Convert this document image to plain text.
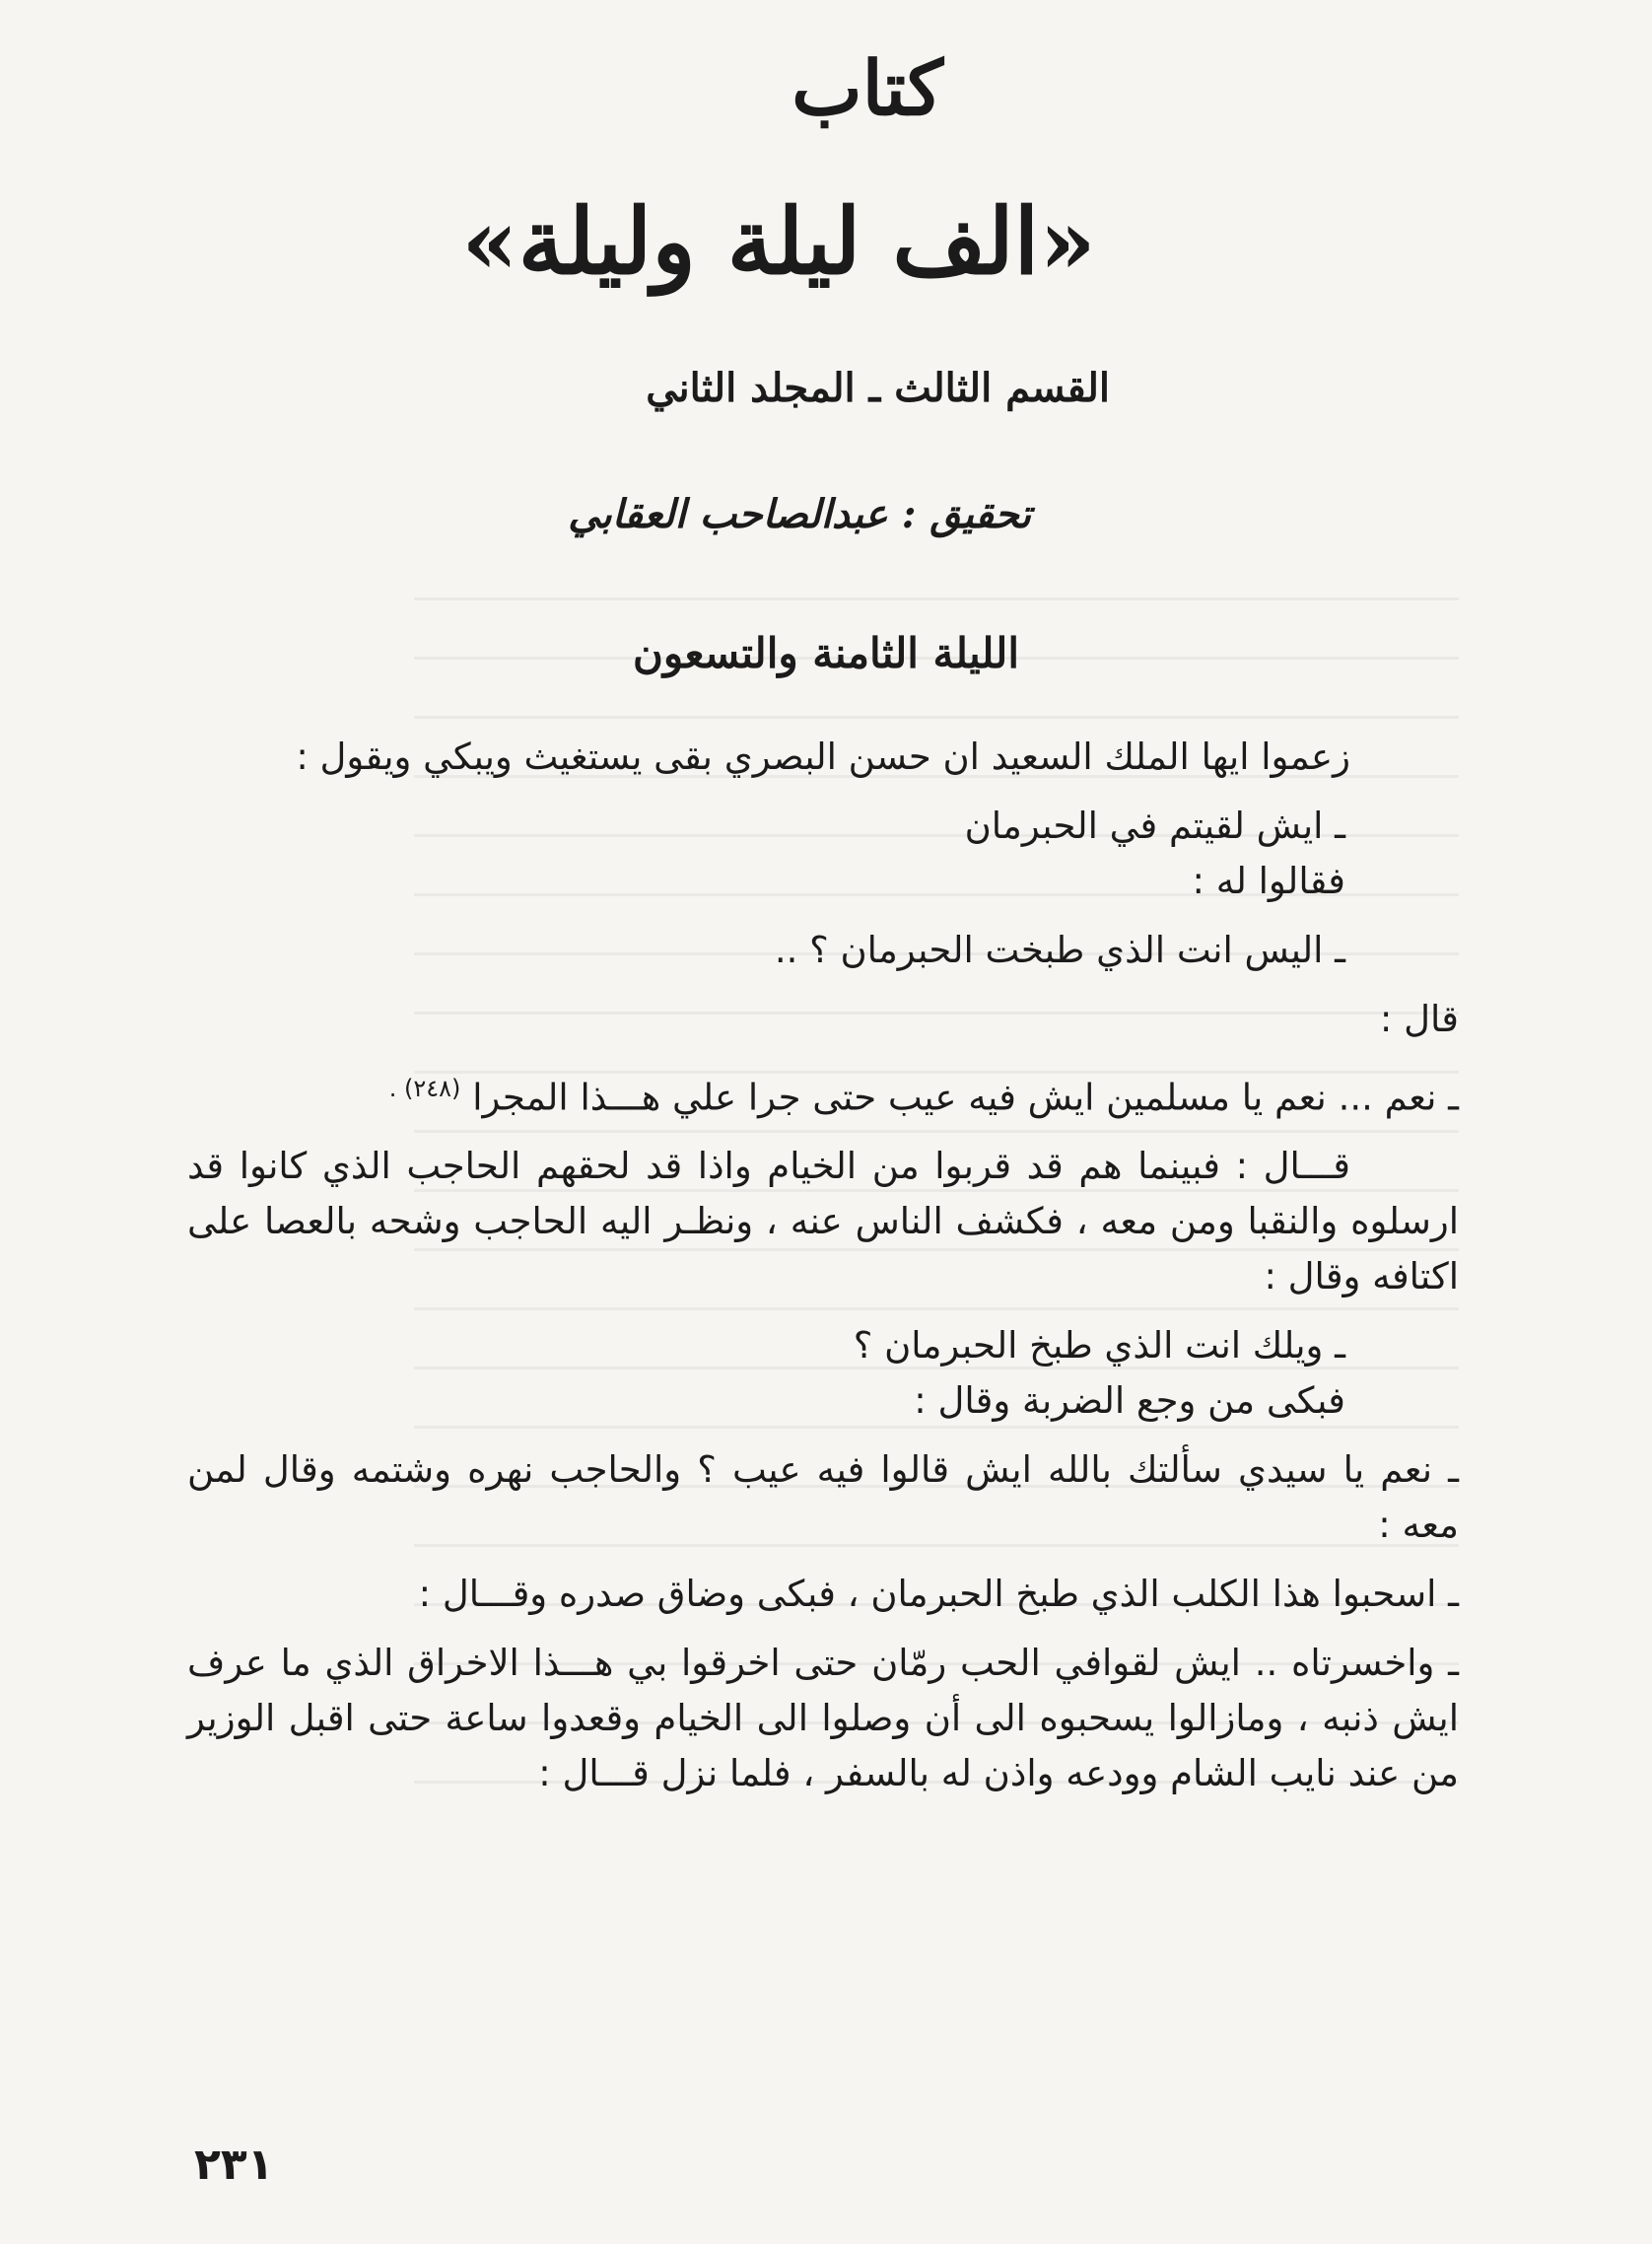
كتاب
«الف ليلة وليلة»
القسم الثالث ـ المجلد الثاني
تحقيق : عبدالصاحب العقابي
الليلة الثامنة والتسعون

زعموا ايها الملك السعيد ان حسن البصري بقى يستغيث ويبكي ويقول :

ـ ايش لقيتم في الحبرمان
فقالوا له :
ـ اليس انت الذي طبخت الحبرمان ؟ ..

قال :

ـ نعم ... نعم يا مسلمين ايش فيه عيب حتى جرا علي هـــذا المجرا $^{(٢٤٨) .}$

قـــال : فبينما هم قد قربوا من الخيام واذا قد لحقهم الحاجب الذي كانوا قد ارسلوه والنقبا ومن معه ، فكشف الناس عنه ، ونظـر اليه الحاجب وشحه بالعصا على اكتافه وقال :

ـ ويلك انت الذي طبخ الحبرمان ؟
فبكى من وجع الضربة وقال :

ـ نعم يا سيدي سألتك بالله ايش قالوا فيه عيب ؟ والحاجب نهره وشتمه وقال لمن معه :

ـ اسحبوا هذا الكلب الذي طبخ الحبرمان ، فبكى وضاق صدره وقـــال :

ـ واخسرتاه .. ايش لقوافي الحب رمّان حتى اخرقوا بي هـــذا الاخراق الذي ما عرف ايش ذنبه ، ومازالوا يسحبوه الى أن وصلوا الى الخيام وقعدوا ساعة حتى اقبل الوزير من عند نايب الشام وودعه واذن له بالسفر ، فلما نزل قـــال :

٢٣١
